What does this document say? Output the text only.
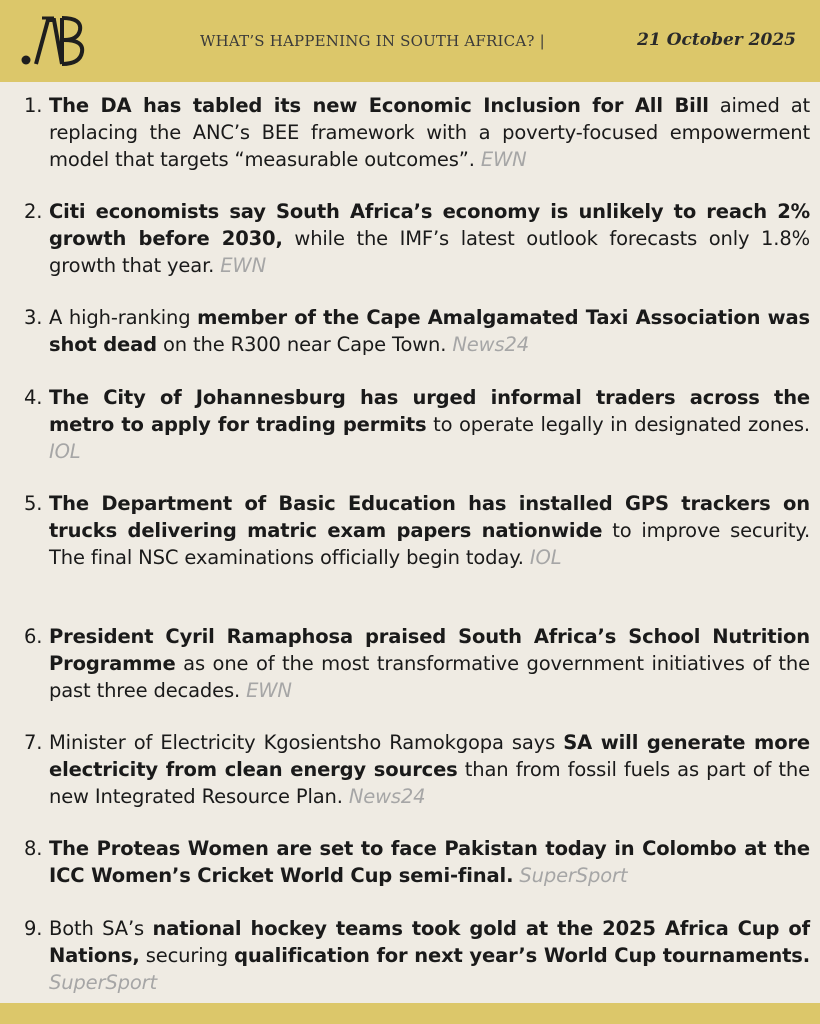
WHAT’S HAPPENING IN SOUTH AFRICA? |	21 October 2025
1. The DA has tabled its new Economic Inclusion for All Bill aimed at replacing the ANC’s BEE framework with a poverty-focused empowerment model that targets “measurable outcomes”. EWN

2. Citi economists say South Africa’s economy is unlikely to reach 2% growth before 2030, while the IMF’s latest outlook forecasts only 1.8% growth that year. EWN

3. A high-ranking member of the Cape Amalgamated Taxi Association was shot dead on the R300 near Cape Town. News24

4. The City of Johannesburg has urged informal traders across the metro to apply for trading permits to operate legally in designated zones. IOL

5. The Department of Basic Education has installed GPS trackers on trucks delivering matric exam papers nationwide to improve security. The final NSC examinations officially begin today. IOL

6. President Cyril Ramaphosa praised South Africa’s School Nutrition Programme as one of the most transformative government initiatives of the past three decades. EWN

7. Minister of Electricity Kgosientsho Ramokgopa says SA will generate more electricity from clean energy sources than from fossil fuels as part of the new Integrated Resource Plan. News24

8. The Proteas Women are set to face Pakistan today in Colombo at the ICC Women’s Cricket World Cup semi-final. SuperSport

9. Both SA’s national hockey teams took gold at the 2025 Africa Cup of Nations, securing qualification for next year’s World Cup tournaments. SuperSport
